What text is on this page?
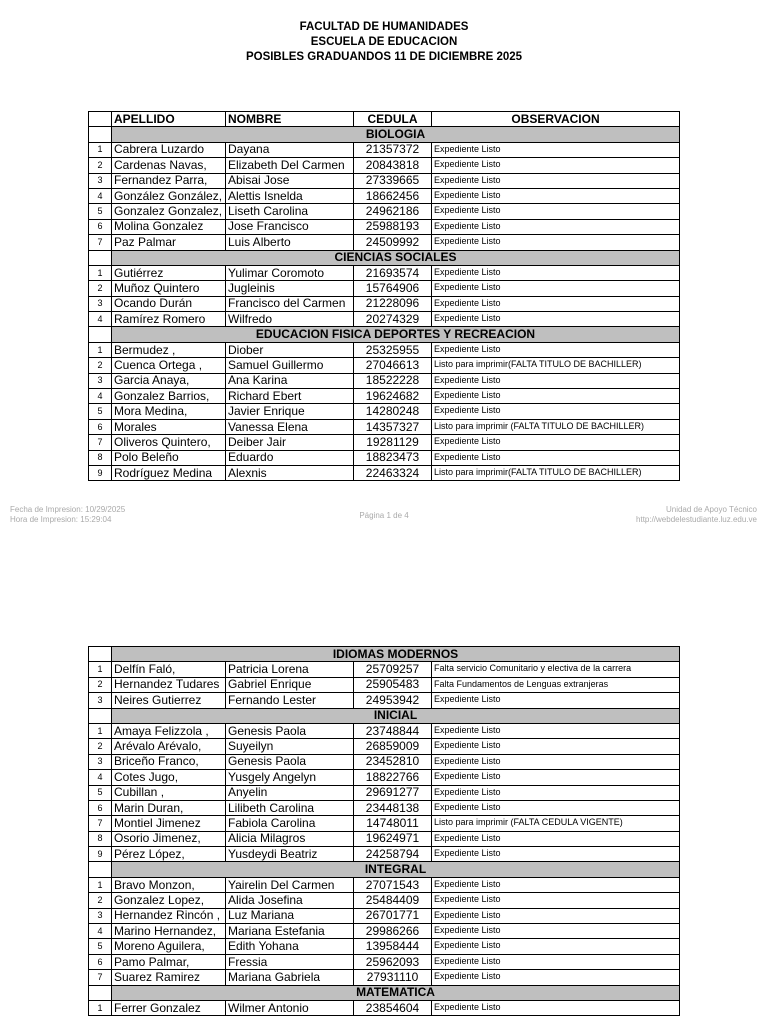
FACULTAD DE HUMANIDADES
ESCUELA DE EDUCACION
POSIBLES GRADUANDOS 11 DE DICIEMBRE 2025
	APELLIDO	NOMBRE	CEDULA	OBSERVACION
	BIOLOGIA			
1	Cabrera Luzardo	Dayana	21357372	Expediente Listo
2	Cardenas Navas,	Elizabeth Del Carmen	20843818	Expediente Listo
3	Fernandez Parra,	Abisai Jose	27339665	Expediente Listo
4	González González,	Alettis Isnelda	18662456	Expediente Listo
5	Gonzalez Gonzalez,	Liseth Carolina	24962186	Expediente Listo
6	Molina Gonzalez	Jose Francisco	25988193	Expediente Listo
7	Paz Palmar	Luis Alberto	24509992	Expediente Listo
	CIENCIAS SOCIALES			
1	Gutiérrez	Yulimar Coromoto	21693574	Expediente Listo
2	Muñoz Quintero	Jugleinis	15764906	Expediente Listo
3	Ocando Durán	Francisco del Carmen	21228096	Expediente Listo
4	Ramírez Romero	Wilfredo	20274329	Expediente Listo
	EDUCACION FISICA DEPORTES Y RECREACION			
1	Bermudez ,	Diober	25325955	Expediente Listo
2	Cuenca Ortega ,	Samuel Guillermo	27046613	Listo para imprimir(FALTA TITULO DE BACHILLER)
3	Garcia Anaya,	Ana Karina	18522228	Expediente Listo
4	Gonzalez Barrios,	Richard Ebert	19624682	Expediente Listo
5	Mora Medina,	Javier Enrique	14280248	Expediente Listo
6	Morales	Vanessa Elena	14357327	Listo para imprimir (FALTA TITULO DE BACHILLER)
7	Oliveros Quintero,	Deiber Jair	19281129	Expediente Listo
8	Polo Beleño	Eduardo	18823473	Expediente Listo
9	Rodríguez Medina	Alexnis	22463324	Listo para imprimir(FALTA TITULO DE BACHILLER)
Fecha de Impresion: 10/29/2025
Hora de Impresion: 15:29:04	Página 1 de 4
Unidad de Apoyo Técnico
http://webdelestudiante.luz.edu.ve
	IDIOMAS MODERNOS			
1	Delfín Faló,	Patricia Lorena	25709257	Falta servicio Comunitario y electiva de la carrera
2	Hernandez Tudares	Gabriel Enrique	25905483	Falta Fundamentos de Lenguas extranjeras
3	Neires Gutierrez	Fernando Lester	24953942	Expediente Listo
	INICIAL			
1	Amaya Felizzola ,	Genesis Paola	23748844	Expediente Listo
2	Arévalo Arévalo,	Suyeilyn	26859009	Expediente Listo
3	Briceño Franco,	Genesis Paola	23452810	Expediente Listo
4	Cotes Jugo,	Yusgely Angelyn	18822766	Expediente Listo
5	Cubillan ,	Anyelin	29691277	Expediente Listo
6	Marin Duran,	Lilibeth Carolina	23448138	Expediente Listo
7	Montiel Jimenez	Fabiola Carolina	14748011	Listo para imprimir (FALTA CEDULA VIGENTE)
8	Osorio Jimenez,	Alicia Milagros	19624971	Expediente Listo
9	Pérez López,	Yusdeydi Beatriz	24258794	Expediente Listo
	INTEGRAL			
1	Bravo Monzon,	Yairelin Del Carmen	27071543	Expediente Listo
2	Gonzalez Lopez,	Alida Josefina	25484409	Expediente Listo
3	Hernandez Rincón ,	Luz Mariana	26701771	Expediente Listo
4	Marino Hernandez,	Mariana Estefania	29986266	Expediente Listo
5	Moreno Aguilera,	Edith Yohana	13958444	Expediente Listo
6	Pamo Palmar,	Fressia	25962093	Expediente Listo
7	Suarez Ramirez	Mariana Gabriela	27931110	Expediente Listo
	MATEMATICA			
1	Ferrer Gonzalez	Wilmer Antonio	23854604	Expediente Listo
